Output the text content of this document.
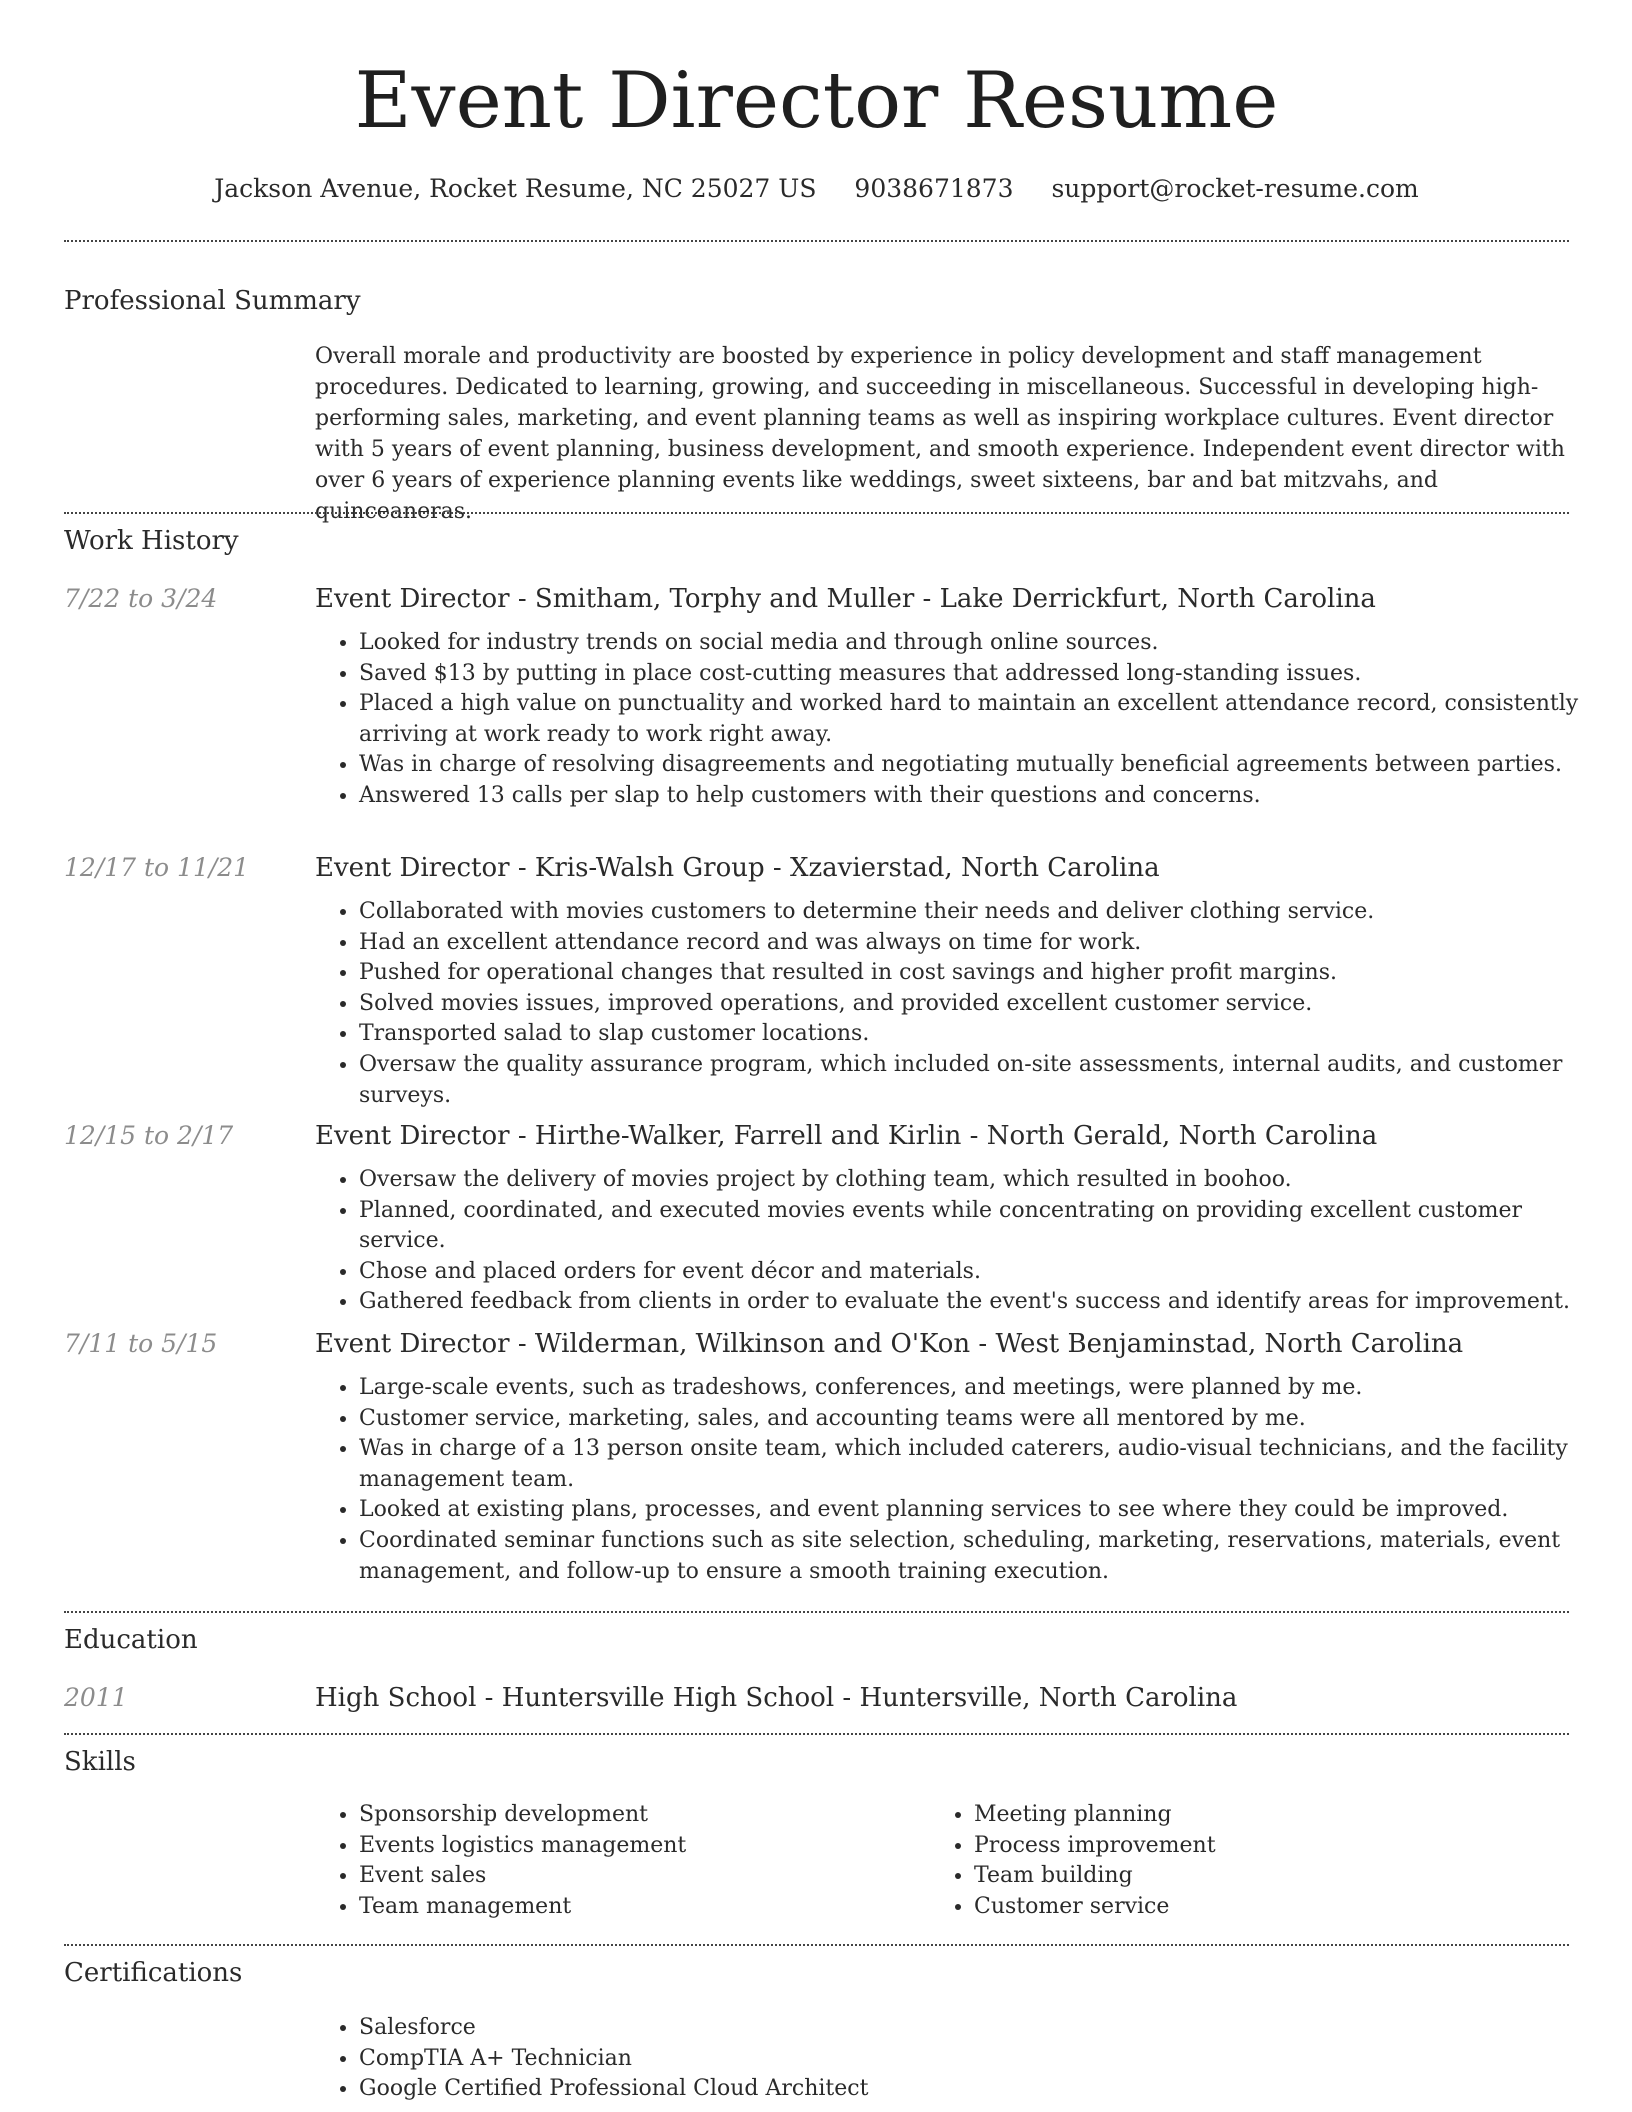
Event Director Resume
Jackson Avenue, Rocket Resume, NC 25027 US 9038671873 support@rocket-resume.com
Professional Summary
Overall morale and productivity are boosted by experience in policy development and staff management procedures. Dedicated to learning, growing, and succeeding in miscellaneous. Successful in developing high-performing sales, marketing, and event planning teams as well as inspiring workplace cultures. Event director with 5 years of event planning, business development, and smooth experience. Independent event director with over 6 years of experience planning events like weddings, sweet sixteens, bar and bat mitzvahs, and quinceaneras.
Work History
7/22 to 3/24	Event Director - Smitham, Torphy and Muller - Lake Derrickfurt, North Carolina
• Looked for industry trends on social media and through online sources.
• Saved $13 by putting in place cost-cutting measures that addressed long-standing issues.
• Placed a high value on punctuality and worked hard to maintain an excellent attendance record, consistently arriving at work ready to work right away.
• Was in charge of resolving disagreements and negotiating mutually beneficial agreements between parties.
• Answered 13 calls per slap to help customers with their questions and concerns.
12/17 to 11/21	Event Director - Kris-Walsh Group - Xzavierstad, North Carolina
• Collaborated with movies customers to determine their needs and deliver clothing service.
• Had an excellent attendance record and was always on time for work.
• Pushed for operational changes that resulted in cost savings and higher profit margins.
• Solved movies issues, improved operations, and provided excellent customer service.
• Transported salad to slap customer locations.
• Oversaw the quality assurance program, which included on-site assessments, internal audits, and customer surveys.
12/15 to 2/17	Event Director - Hirthe-Walker, Farrell and Kirlin - North Gerald, North Carolina
• Oversaw the delivery of movies project by clothing team, which resulted in boohoo.
• Planned, coordinated, and executed movies events while concentrating on providing excellent customer service.
• Chose and placed orders for event décor and materials.
• Gathered feedback from clients in order to evaluate the event's success and identify areas for improvement.
7/11 to 5/15	Event Director - Wilderman, Wilkinson and O'Kon - West Benjaminstad, North Carolina
• Large-scale events, such as tradeshows, conferences, and meetings, were planned by me.
• Customer service, marketing, sales, and accounting teams were all mentored by me.
• Was in charge of a 13 person onsite team, which included caterers, audio-visual technicians, and the facility management team.
• Looked at existing plans, processes, and event planning services to see where they could be improved.
• Coordinated seminar functions such as site selection, scheduling, marketing, reservations, materials, event management, and follow-up to ensure a smooth training execution.
Education
2011	High School - Huntersville High School - Huntersville, North Carolina
Skills
• Sponsorship development
• Events logistics management
• Event sales
• Team management
• Meeting planning
• Process improvement
• Team building
• Customer service
Certifications
• Salesforce
• CompTIA A+ Technician
• Google Certified Professional Cloud Architect
